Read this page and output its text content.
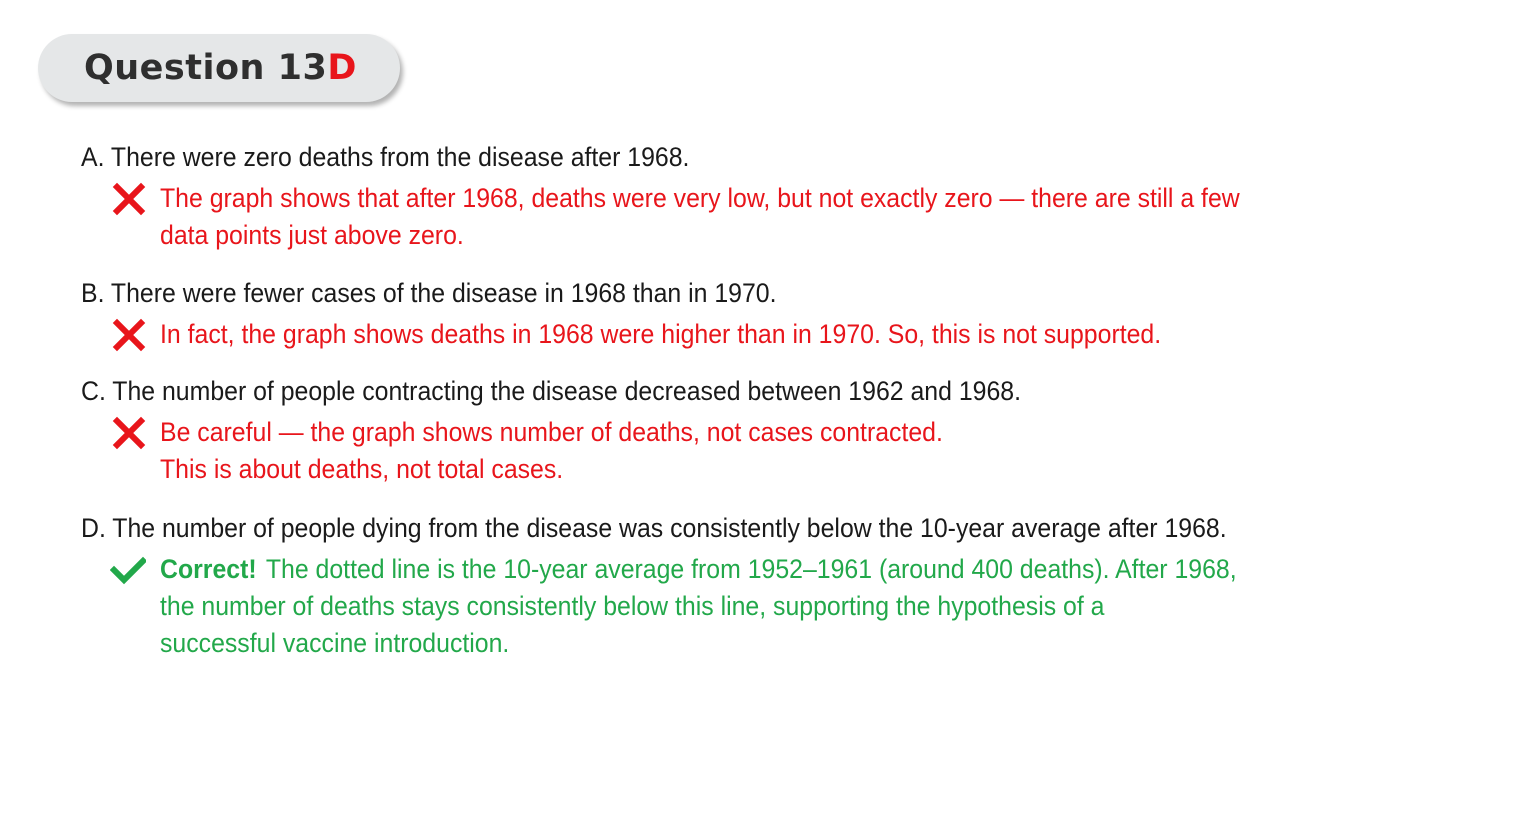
Question 13D
A. There were zero deaths from the disease after 1968.
The graph shows that after 1968, deaths were very low, but not exactly zero — there are still a few
data points just above zero.
B. There were fewer cases of the disease in 1968 than in 1970.
In fact, the graph shows deaths in 1968 were higher than in 1970. So, this is not supported.
C. The number of people contracting the disease decreased between 1962 and 1968.
Be careful — the graph shows number of deaths, not cases contracted.
This is about deaths, not total cases.
D. The number of people dying from the disease was consistently below the 10-year average after 1968.
Correct! The dotted line is the 10-year average from 1952–1961 (around 400 deaths). After 1968,
the number of deaths stays consistently below this line, supporting the hypothesis of a
successful vaccine introduction.
